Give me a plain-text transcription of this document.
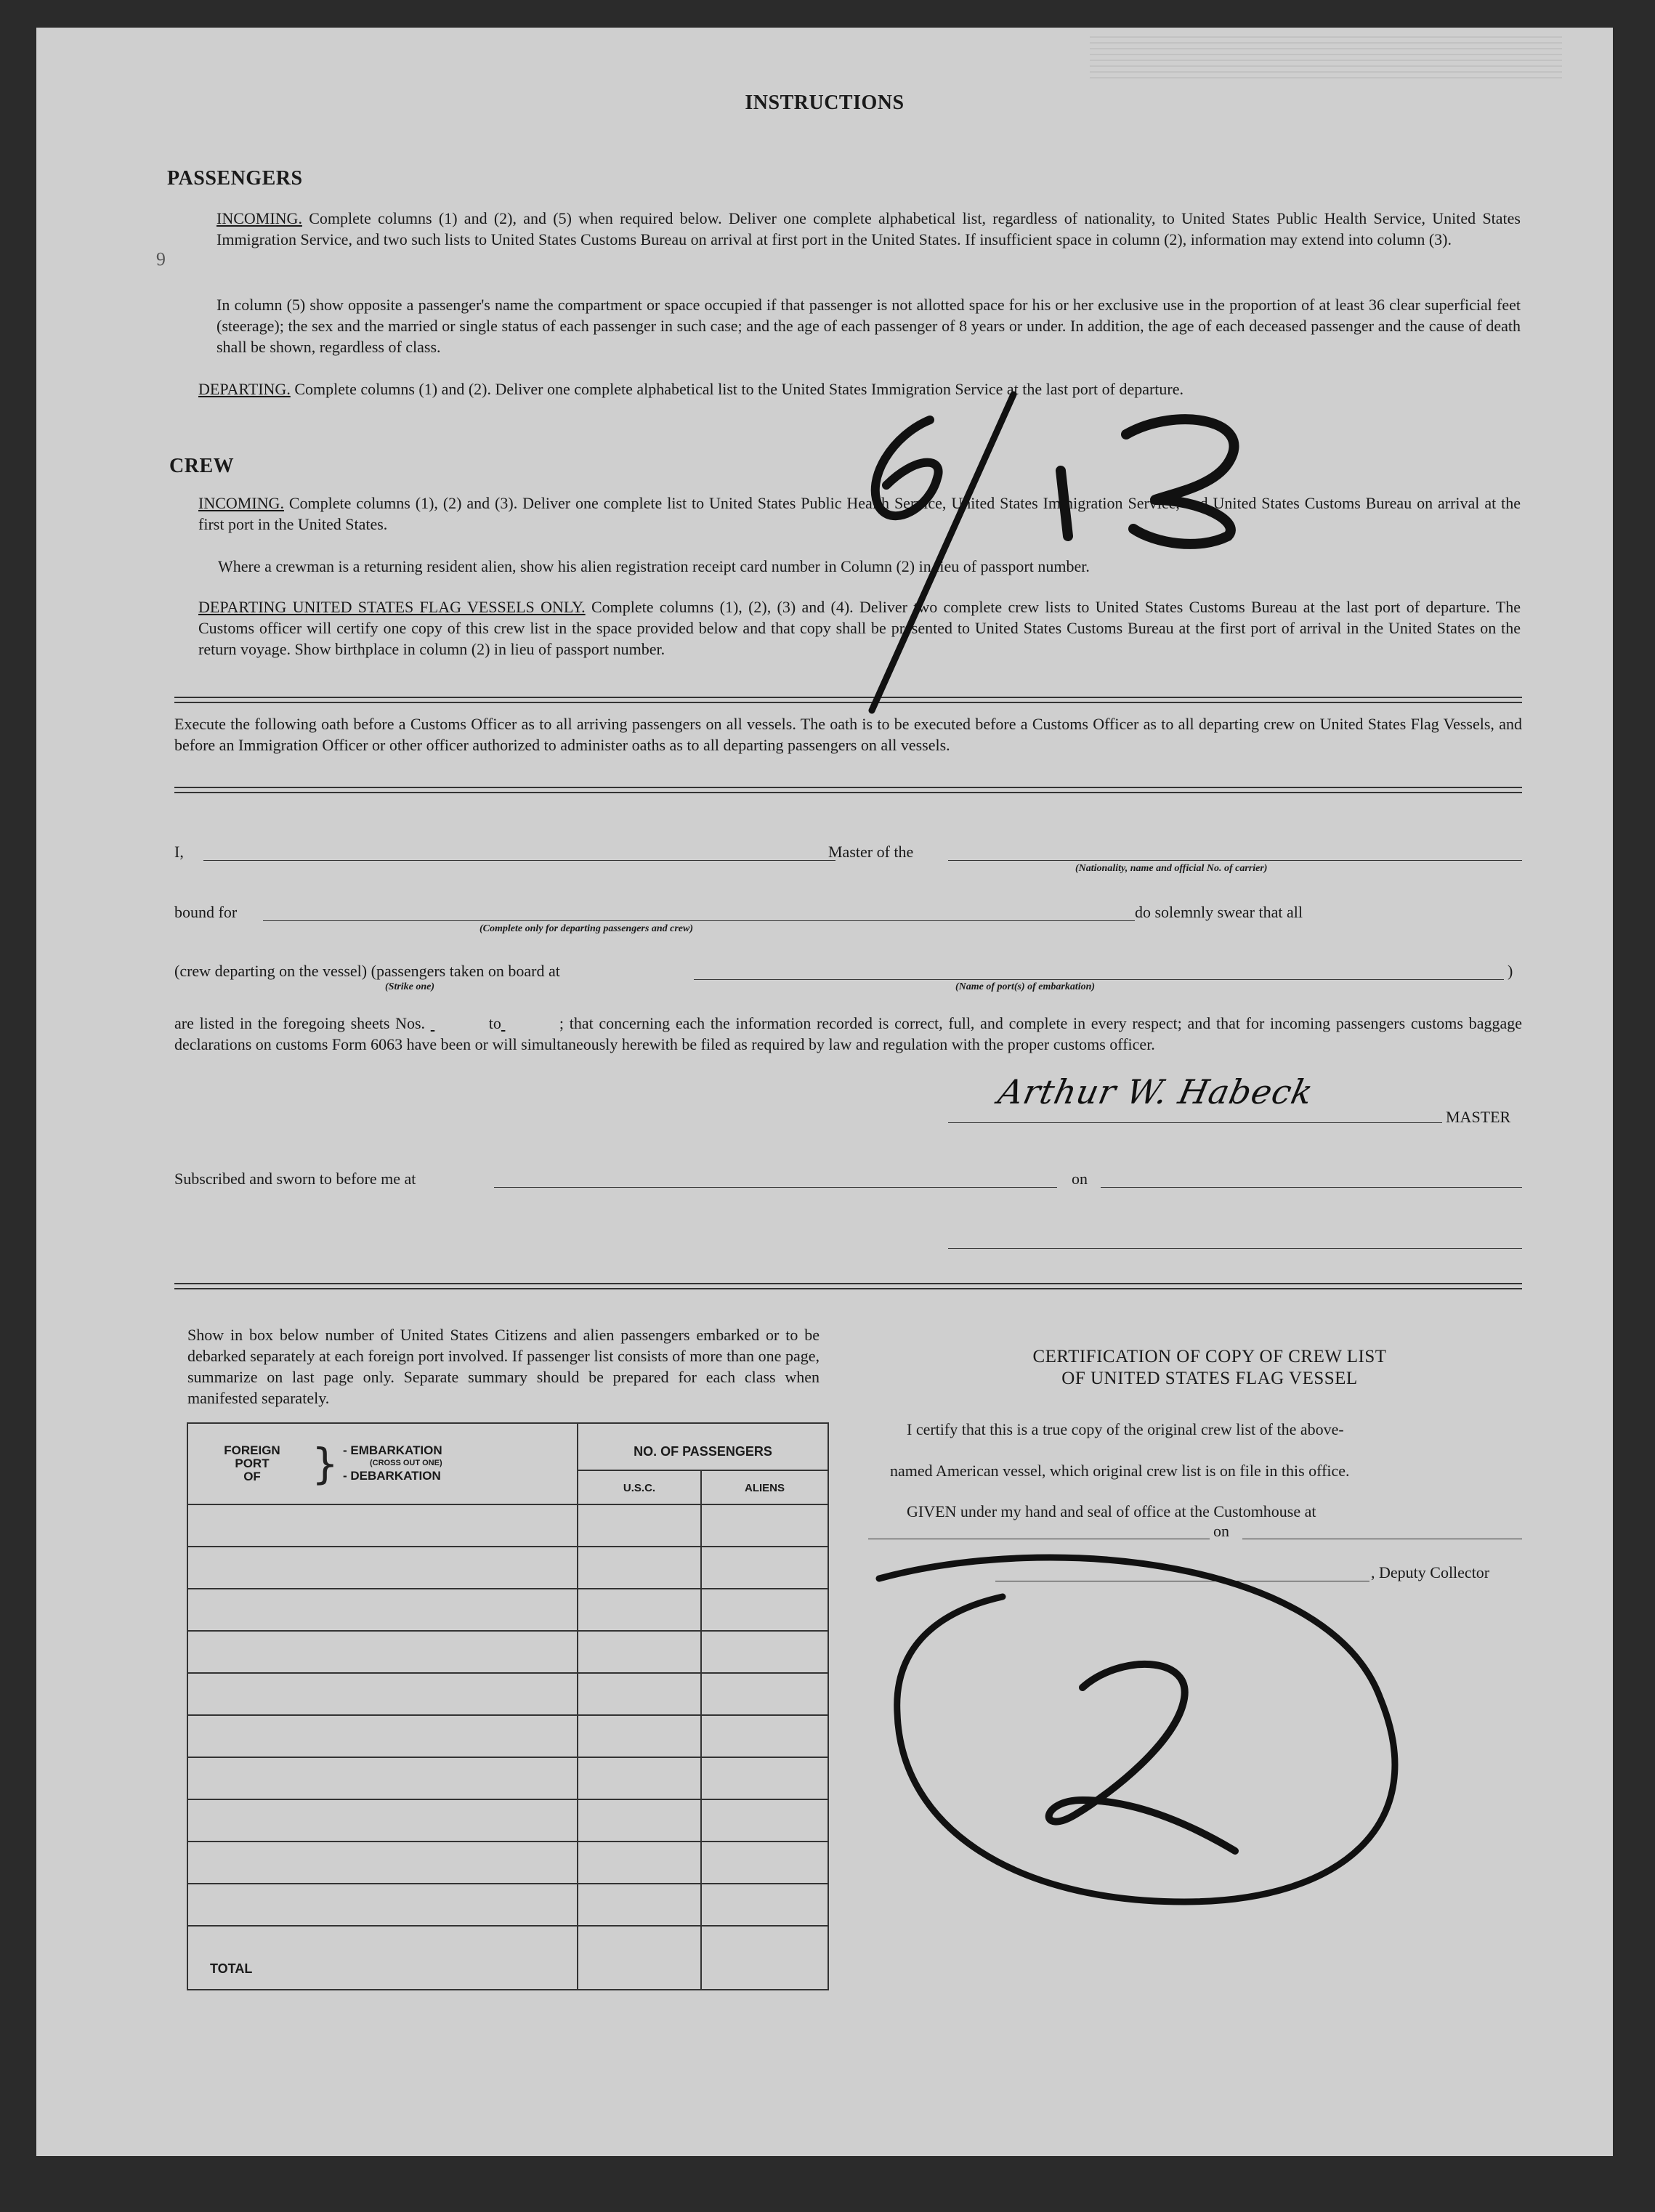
INSTRUCTIONS
6
PASSENGERS
INCOMING. Complete columns (1) and (2), and (5) when required below. Deliver one complete alphabetical list, regardless of nationality, to United States Public Health Service, United States Immigration Service, and two such lists to United States Customs Bureau on arrival at first port in the United States. If insufficient space in column (2), information may extend into column (3).
In column (5) show opposite a passenger's name the compartment or space occupied if that passenger is not allotted space for his or her exclusive use in the proportion of at least 36 clear superficial feet (steerage); the sex and the married or single status of each passenger in such case; and the age of each passenger of 8 years or under. In addition, the age of each deceased passenger and the cause of death shall be shown, regardless of class.
DEPARTING. Complete columns (1) and (2). Deliver one complete alphabetical list to the United States Immigration Service at the last port of departure.
CREW
INCOMING. Complete columns (1), (2) and (3). Deliver one complete list to United States Public Health Service, United States Immigration Service, and United States Customs Bureau on arrival at the first port in the United States.
Where a crewman is a returning resident alien, show his alien registration receipt card number in Column (2) in lieu of passport number.
DEPARTING UNITED STATES FLAG VESSELS ONLY. Complete columns (1), (2), (3) and (4). Deliver two complete crew lists to United States Customs Bureau at the last port of departure. The Customs officer will certify one copy of this crew list in the space provided below and that copy shall be presented to United States Customs Bureau at the first port of arrival in the United States on the return voyage. Show birthplace in column (2) in lieu of passport number.
Execute the following oath before a Customs Officer as to all arriving passengers on all vessels. The oath is to be executed before a Customs Officer as to all departing crew on United States Flag Vessels, and before an Immigration Officer or other officer authorized to administer oaths as to all departing passengers on all vessels.
I,	Master of the
(Nationality, name and official No. of carrier)
bound for
(Complete only for departing passengers and crew)
do solemnly swear that all
(crew departing on the vessel) (passengers taken on board at
(Strike one)	(Name of port(s) of embarkation)
)
are listed in the foregoing sheets Nos.	to	; that concerning each the information recorded is correct, full, and complete in every respect; and that for incoming passengers customs baggage declarations on customs Form 6063 have been or will simultaneously herewith be filed as required by law and regulation with the proper customs officer.
Arthur W. Habeck
MASTER
Subscribed and sworn to before me at	on
Show in box below number of United States Citizens and alien passengers embarked or to be debarked separately at each foreign port involved. If passenger list consists of more than one page, summarize on last page only. Separate summary should be prepared for each class when manifested separately.
FOREIGN
PORT
OF	} - EMBARKATION
(CROSS OUT ONE)
- DEBARKATION
NO. OF PASSENGERS
U.S.C.	ALIENS
TOTAL
CERTIFICATION OF COPY OF CREW LIST
OF UNITED STATES FLAG VESSEL
I certify that this is a true copy of the original crew list of the above-
named American vessel, which original crew list is on file in this office.
GIVEN under my hand and seal of office at the Customhouse at
on
, Deputy Collector
